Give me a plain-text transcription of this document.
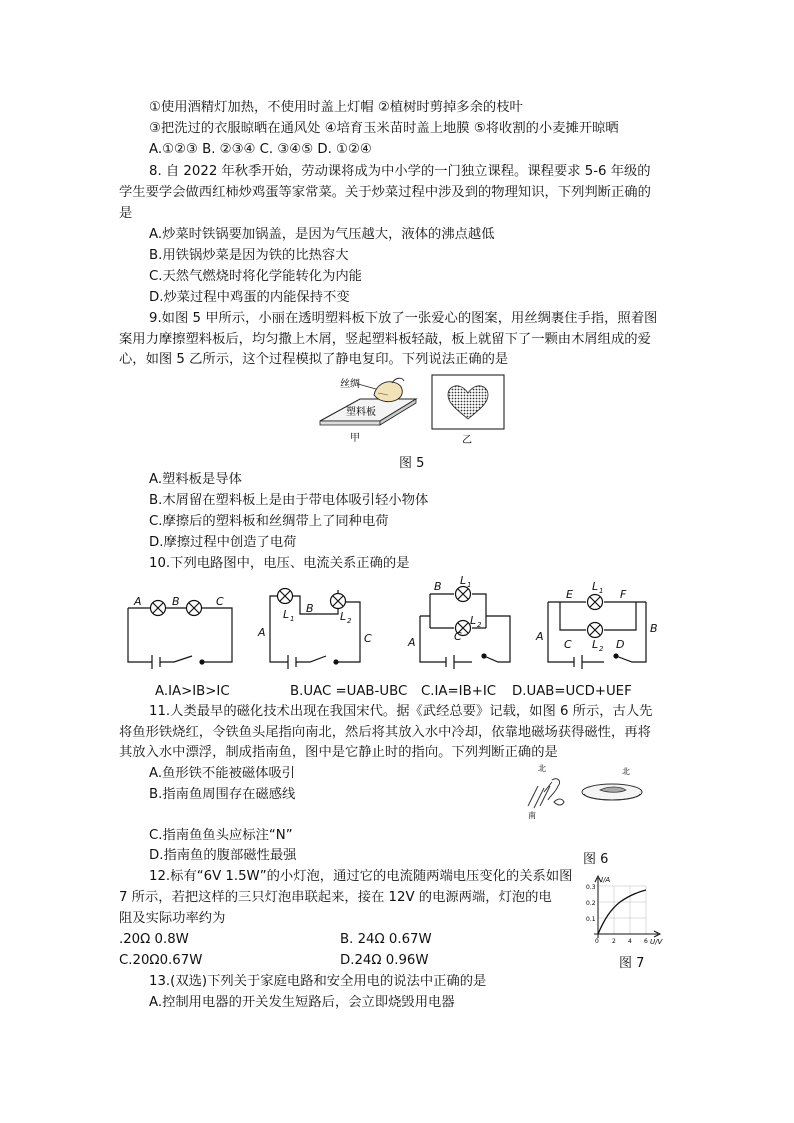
①使用酒精灯加热，不使用时盖上灯帽 ②植树时剪掉多余的枝叶
③把洗过的衣服晾晒在通风处 ④培育玉米苗时盖上地膜 ⑤将收割的小麦摊开晾晒
A.①②③ B. ②③④ C. ③④⑤ D. ①②④
8. 自 2022 年秋季开始，劳动课将成为中小学的一门独立课程。课程要求 5-6 年级的
学生要学会做西红柿炒鸡蛋等家常菜。关于炒菜过程中涉及到的物理知识，下列判断正确的
是
A.炒菜时铁锅要加锅盖，是因为气压越大，液体的沸点越低
B.用铁锅炒菜是因为铁的比热容大
C.天然气燃烧时将化学能转化为内能
D.炒菜过程中鸡蛋的内能保持不变
9.如图 5 甲所示，小丽在透明塑料板下放了一张爱心的图案，用丝绸裹住手指，照着图
案用力摩擦塑料板后，均匀撒上木屑，竖起塑料板轻敲，板上就留下了一颗由木屑组成的爱
心，如图 5 乙所示，这个过程模拟了静电复印。下列说法正确的是
丝绸
塑料板
甲	乙
图 5
A.塑料板是导体
B.木屑留在塑料板上是由于带电体吸引轻小物体
C.摩擦后的塑料板和丝绸带上了同种电荷
D.摩擦过程中创造了电荷
10.下列电路图中，电压、电流关系正确的是
A	B	C
L 1
B
L 2
A	C
B L 1
C
L 2
A
E
L 1 F
C	D
L 2
A
B
A.IA>IB>IC	B.UAC =UAB-UBC C.IA=IB+IC D.UAB=UCD+UEF
11.人类最早的磁化技术出现在我国宋代。据《武经总要》记载，如图 6 所示，古人先
将鱼形铁烧红，令铁鱼头尾指向南北，然后将其放入水中冷却，依靠地磁场获得磁性，再将
其放入水中漂浮，制成指南鱼，图中是它静止时的指向。下列判断正确的是
A.鱼形铁不能被磁体吸引
B.指南鱼周围存在磁感线
C.指南鱼鱼头应标注“N”
D.指南鱼的腹部磁性最强
北
南
北
图 6
12.标有“6V 1.5W”的小灯泡，通过它的电流随两端电压变化的关系如图
7 所示，若把这样的三只灯泡串联起来，接在 12V 的电源两端，灯泡的电
阻及实际功率约为
.20Ω 0.8W	B. 24Ω 0.67W
C.20Ω0.67W	D.24Ω 0.96W
I/A
U/V
0.3
0.2
0.1
0 2 4 6
图 7
13.(双选)下列关于家庭电路和安全用电的说法中正确的是
A.控制用电器的开关发生短路后，会立即烧毁用电器
